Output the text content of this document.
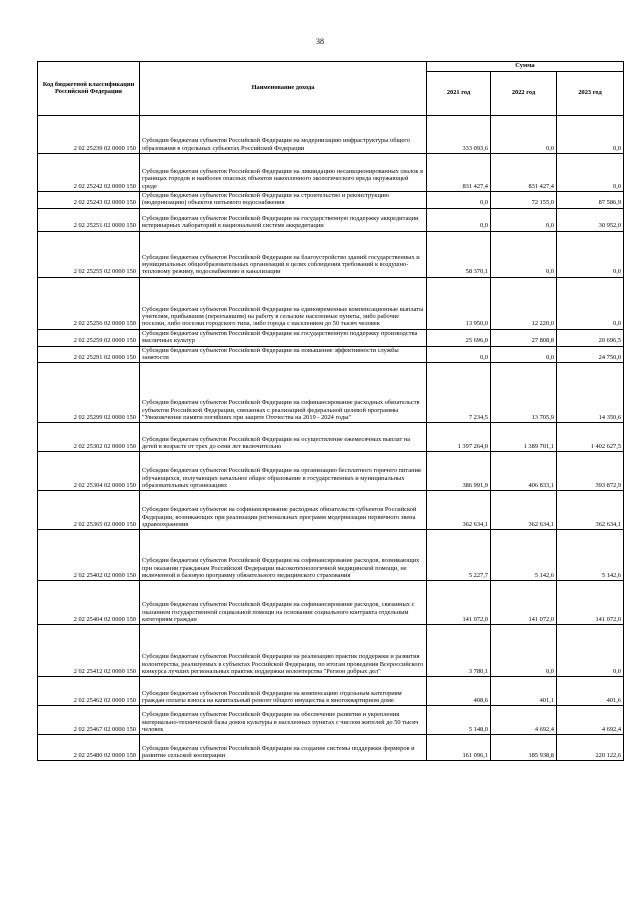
38
Код бюджетной классификации Российской Федерации	Наименование дохода	Сумма		
		2021 год	2022 год	2023 год
2 02 25239 02 0000 150	Субсидии бюджетам субъектов Российской Федерации на модернизацию инфраструктуры общего образования в отдельных субъектах Российской Федерации	333 093,6	0,0	0,0
2 02 25242 02 0000 150	Субсидии бюджетам субъектов Российской Федерации на ликвидацию несанкционированных свалок в границах городов и наиболее опасных объектов накопленного экологического вреда окружающей среде	831 427,4	831 427,4	0,0
2 02 25243 02 0000 150	Субсидии бюджетам субъектов Российской Федерации на строительство и реконструкцию (модернизацию) объектов питьевого водоснабжения	0,0	72 155,0	87 586,9
2 02 25251 02 0000 150	Субсидии бюджетам субъектов Российской Федерации на государственную поддержку аккредитации ветеринарных лабораторий в национальной системе аккредитации	0,0	0,0	30 952,0
2 02 25255 02 0000 150	Субсидии бюджетам субъектов Российской Федерации на благоустройство зданий государственных и муниципальных общеобразовательных организаций в целях соблюдения требований к воздушно-тепловому режиму, водоснабжению и канализации	58 370,1	0,0	0,0
2 02 25256 02 0000 150	Субсидии бюджетам субъектов Российской Федерации на единовременные компенсационные выплаты учителям, прибывшим (переехавшим) на работу в сельские населенные пункты, либо рабочие поселки, либо поселки городского типа, либо города с населением до 50 тысяч человек	13 950,0	12 220,0	0,0
2 02 25259 02 0000 150	Субсидии бюджетам субъектов Российской Федерации на государственную поддержку производства масличных культур	25 696,0	27 808,8	20 696,5
2 02 25291 02 0000 150	Субсидии бюджетам субъектов Российской Федерации на повышение эффективности службы занятости	0,0	0,0	24 750,0
2 02 25299 02 0000 150	Субсидии бюджетам субъектов Российской Федерации на софинансирование расходных обязательств субъектов Российской Федерации, связанных с реализацией федеральной целевой программы "Увековечение памяти погибших при защите Отечества на 2019 - 2024 годы"	7 234,5	13 705,9	14 350,6
2 02 25302 02 0000 150	Субсидии бюджетам субъектов Российской Федерации на осуществление ежемесячных выплат на детей в возрасте от трех до семи лет включительно	1 397 264,0	1 389 701,1	1 402 627,5
2 02 25304 02 0000 150	Субсидии бюджетам субъектов Российской Федерации на организацию бесплатного горячего питания обучающихся, получающих начальное общее образование в государственных и муниципальных образовательных организациях	386 991,9	406 833,1	393 872,9
2 02 25365 02 0000 150	Субсидии бюджетам субъектов на софинансирование расходных обязательств субъектов Российской Федерации, возникающих при реализации региональных программ модернизации первичного звена здравоохранения	362 634,1	362 634,1	362 634,1
2 02 25402 02 0000 150	Субсидии бюджетам субъектов Российской Федерации на софинансирование расходов, возникающих при оказании гражданам Российской Федерации высокотехнологичной медицинской помощи, не включенной в базовую программу обязательного медицинского страхования	5 227,7	5 142,6	5 142,6
2 02 25404 02 0000 150	Субсидии бюджетам субъектов Российской Федерации на софинансирование расходов, связанных с оказанием государственной социальной помощи на основании социального контракта отдельным категориям граждан	141 072,0	141 072,0	141 072,0
2 02 25412 02 0000 150	Субсидии бюджетам субъектов Российской Федерации на реализацию практик поддержки и развития волонтерства, реализуемых в субъектах Российской Федерации, по итогам проведения Всероссийского конкурса лучших региональных практик поддержки волонтерства "Регион добрых дел"	3 780,1	0,0	0,0
2 02 25462 02 0000 150	Субсидии бюджетам субъектов Российской Федерации на компенсацию отдельным категориям граждан оплаты взноса на капитальный ремонт общего имущества в многоквартирном доме	408,6	401,1	401,6
2 02 25467 02 0000 150	Субсидии бюджетам субъектов Российской Федерации на обеспечение развития и укрепления материально-технической базы домов культуры в населенных пунктах с числом жителей до 50 тысяч человек	5 148,0	4 692,4	4 692,4
2 02 25480 02 0000 150	Субсидии бюджетам субъектов Российской Федерации на создание системы поддержки фермеров и развитие сельской кооперации	161 096,1	185 938,8	220 122,6
